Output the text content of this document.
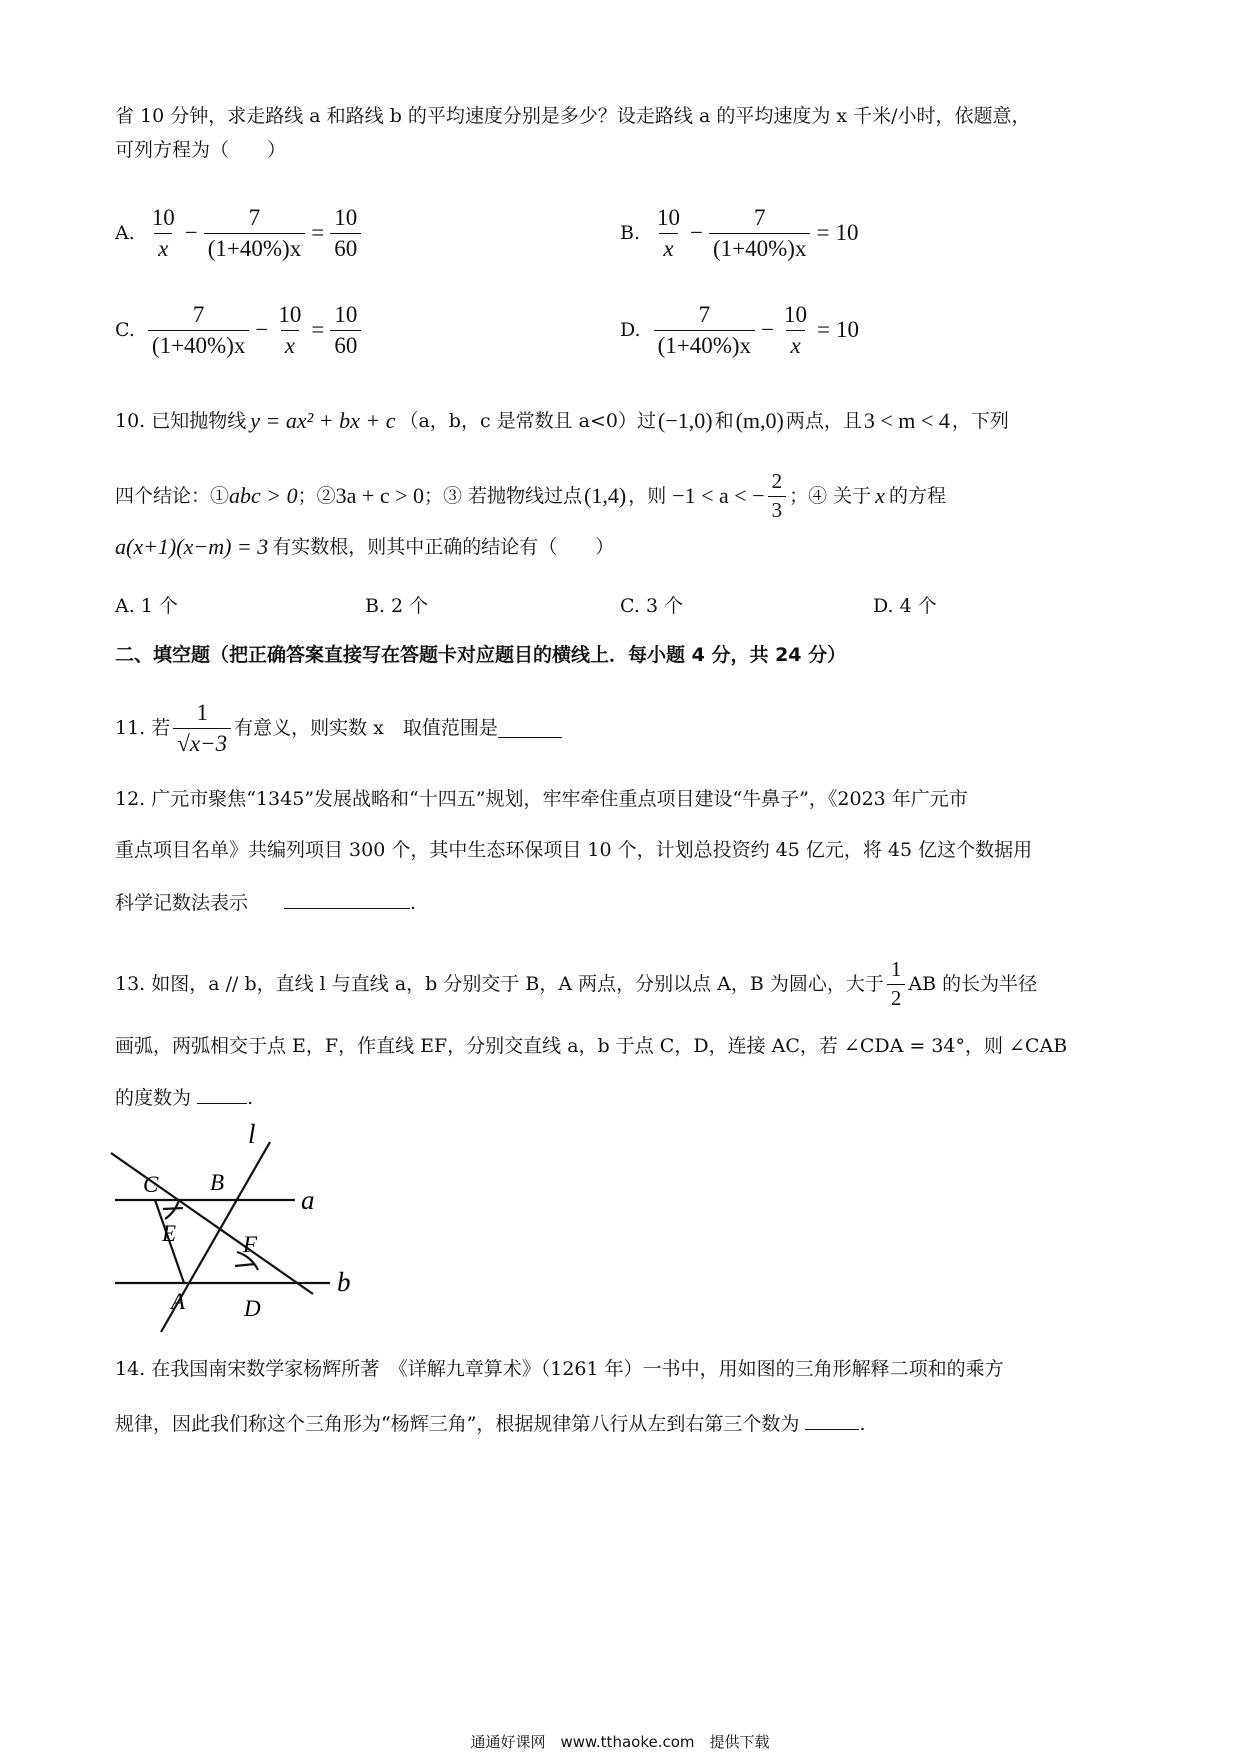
省 10 分钟，求走路线 a 和路线 b 的平均速度分别是多少？设走路线 a 的平均速度为 x 千米/小时，依题意，
可列方程为（　　）
A. $\frac{10}{x} - \frac{7}{(1+40\%)x} = \frac{10}{60}$	B. $\frac{10}{x} - \frac{7}{(1+40\%)x} = 10$
C. $\frac{7}{(1+40\%)x} - \frac{10}{x} = \frac{10}{60}$	D. $\frac{7}{(1+40\%)x} - \frac{10}{x} = 10$
10. 已知抛物线 y = ax² + bx + c （a，b，c 是常数且 a<0）过 (−1,0) 和 (m,0) 两点，且 3 < m < 4 ，下列
四个结论：① abc > 0 ；② 3a + c > 0 ；③ 若抛物线过点 (1,4) ，则 −1 < a < − $\frac{2}{3}$ ；④ 关于 x 的方程
a(x+1)(x−m) = 3 有实数根，则其中正确的结论有（　　）
A. 1 个	B. 2 个	C. 3 个	D. 4 个
二、填空题（把正确答案直接写在答题卡对应题目的横线上．每小题 4 分，共 24 分）
11. 若 $\frac{1}{√x-3}$ 有意义，则实数 x　取值范围是
12. 广元市聚焦“1345”发展战略和“十四五”规划，牢牢牵住重点项目建设“牛鼻子”，《2023 年广元市
重点项目名单》共编列项目 300 个，其中生态环保项目 10 个，计划总投资约 45 亿元，将 45 亿这个数据用
科学记数法表示	.
13. 如图，a // b，直线 l 与直线 a，b 分别交于 B，A 两点，分别以点 A，B 为圆心，大于 $\frac{1}{2}$ AB 的长为半径
画弧，两弧相交于点 E，F，作直线 EF，分别交直线 a，b 于点 C，D，连接 AC，若 ∠CDA = 34°，则 ∠CAB
的度数为	.
l
a
b
C B
E	F
A	D
14. 在我国南宋数学家杨辉所著　《详解九章算术》（1261 年）一书中，用如图的三角形解释二项和的乘方
规律，因此我们称这个三角形为“杨辉三角”，根据规律第八行从左到右第三个数为	.
通通好课网　www.tthaoke.com　提供下载
